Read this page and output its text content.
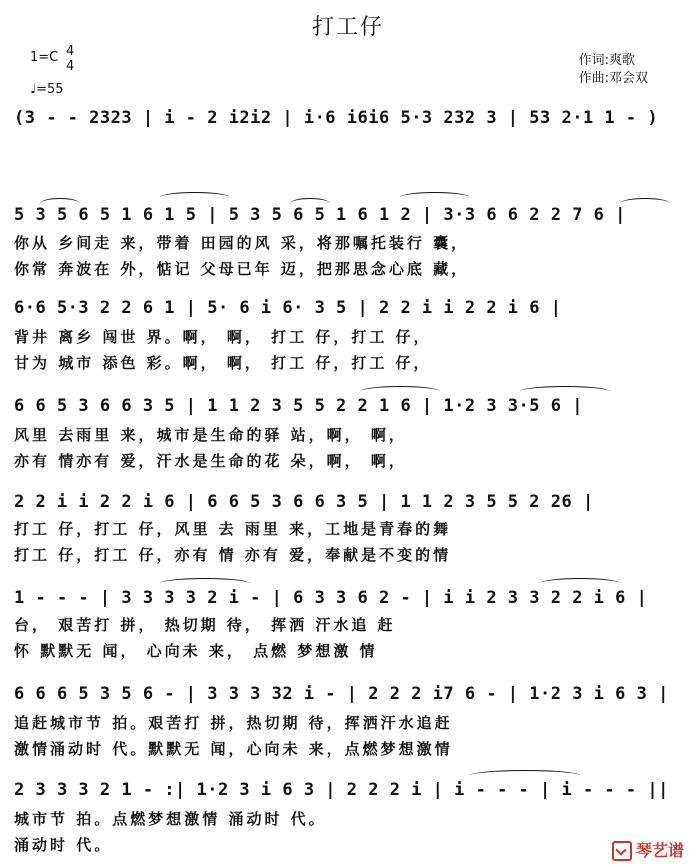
打工仔
1=C 4
4
♩=55
作词:爽歌
作曲:邓会双
(3 - - 2323 | i - 2 i2i2 | i·6 i6i6 5·3 232 3 | 53 2·1 1 - )
5 3 5 6 5 1 6 1 5 | 5 3 5 6 5 1 6 1 2 | 3·3 6 6 2 2 7 6 |
你从 乡间走 来，带着 田园的风 采，将那嘱托装行 囊，
你常 奔波在 外，惦记 父母已年 迈，把那思念心底 藏，
6·6 5·3 2 2 6 1 | 5· 6 i 6· 3 5 | 2 2 i i 2 2 i 6 |
背井 离乡 闯世 界。啊， 啊， 打工 仔，打工 仔，
甘为 城市 添色 彩。啊， 啊， 打工 仔，打工 仔，
6 6 5 3 6 6 3 5 | 1 1 2 3 5 5 2 2 1 6 | 1·2 3 3·5 6 |
风里 去雨里 来，城市是生命的驿 站，啊， 啊，
亦有 情亦有 爱，汗水是生命的花 朵，啊， 啊，
2 2 i i 2 2 i 6 | 6 6 5 3 6 6 3 5 | 1 1 2 3 5 5 2 26 |
打工 仔，打工 仔，风里 去 雨里 来，工地是青春的舞
打工 仔，打工 仔，亦有 情 亦有 爱，奉献是不变的情
1 - - - | 3 3 3 3 2 i - | 6 3 3 6 2 - | i i 2 3 3 2 2 i 6 |
台， 艰苦打 拼， 热切期 待， 挥洒 汗水追 赶
怀 默默无 闻， 心向未 来， 点燃 梦想激 情
6 6 6 5 3 5 6 - | 3 3 3 32 i - | 2 2 2 i7 6 - | 1·2 3 i 6 3 |
追赶城市节 拍。艰苦打 拼，热切期 待，挥洒汗水追赶
激情涌动时 代。默默无 闻，心向未 来，点燃梦想激情
2 3 3 3 2 1 - :| 1·2 3 i 6 3 | 2 2 2 i | i - - - | i - - - ||
城市节 拍。点燃梦想激情 涌动时 代。
涌动时 代。	琴艺谱
